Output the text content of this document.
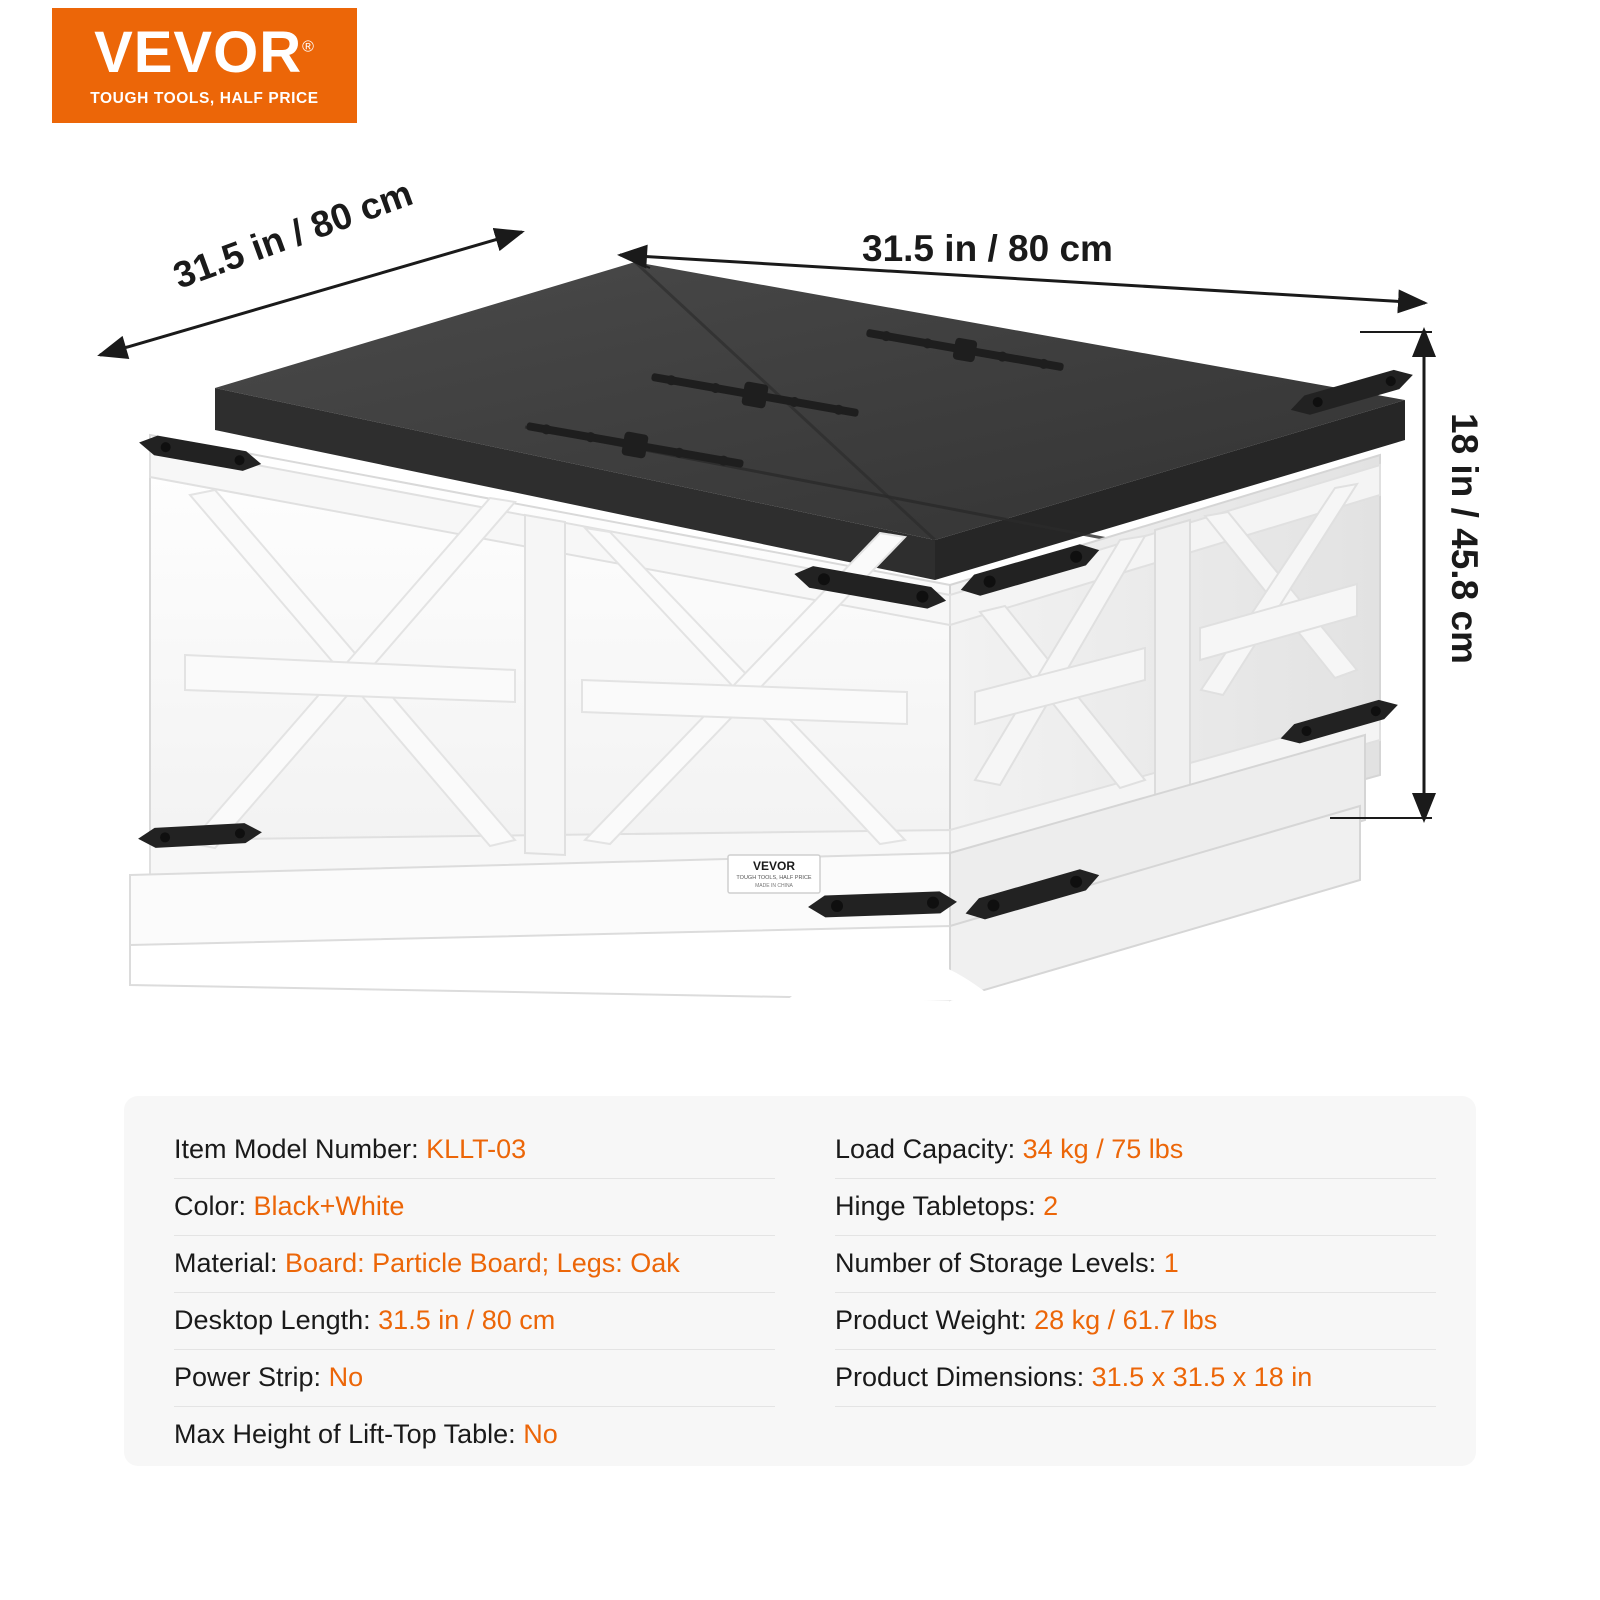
VEVOR®
TOUGH TOOLS, HALF PRICE
VEVOR
TOUGH TOOLS, HALF PRICE
MADE IN CHINA
31.5 in / 80 cm
31.5 in / 80 cm
18 in / 45.8 cm
Item Model Number: KLLT-03
Color: Black+White
Material: Board: Particle Board; Legs: Oak
Desktop Length: 31.5 in / 80 cm
Power Strip: No
Max Height of Lift-Top Table: No
Load Capacity: 34 kg / 75 lbs
Hinge Tabletops: 2
Number of Storage Levels: 1
Product Weight: 28 kg / 61.7 lbs
Product Dimensions: 31.5 x 31.5 x 18 in
